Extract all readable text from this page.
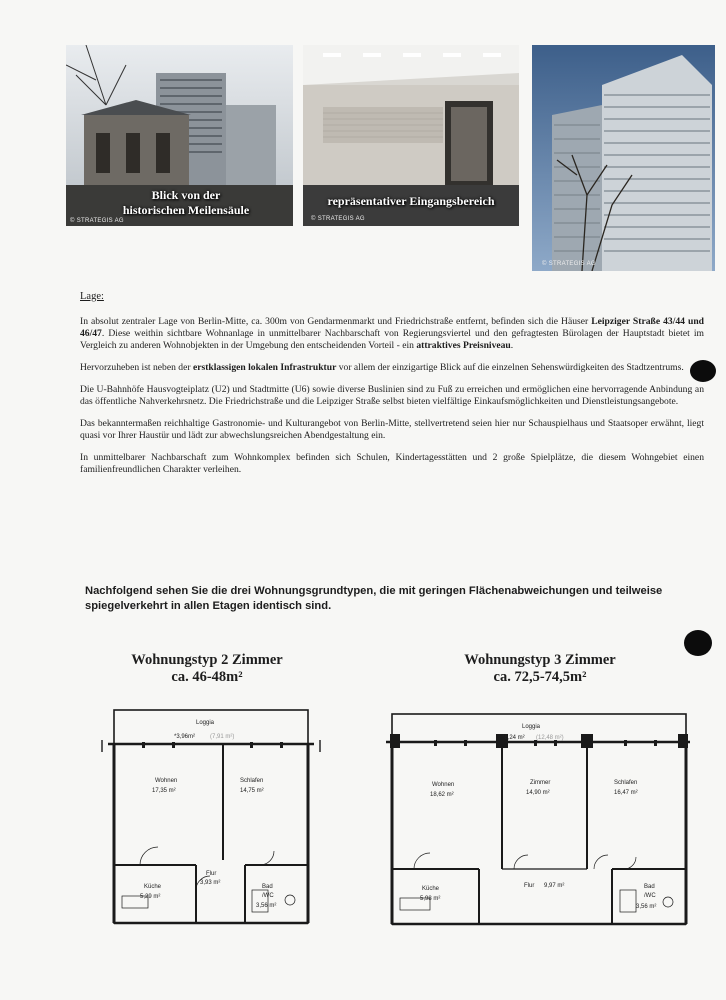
Blick von der
historischen Meilensäule
© STRATEGIS AG
repräsentativer Eingangsbereich
© STRATEGIS AG
© STRATEGIS AG
Lage:

In absolut zentraler Lage von Berlin-Mitte, ca. 300m von Gendarmenmarkt und Friedrichstraße entfernt, befinden sich die Häuser Leipziger Straße 43/44 und 46/47. Diese weithin sichtbare Wohnanlage in unmittelbarer Nachbarschaft von Regierungsviertel und den gefragtesten Bürolagen der Hauptstadt bietet im Vergleich zu anderen Wohnobjekten in der Umgebung den entscheidenden Vorteil - ein attraktives Preisniveau.

Hervorzuheben ist neben der erstklassigen lokalen Infrastruktur vor allem der einzigartige Blick auf die einzelnen Sehenswürdigkeiten des Stadtzentrums.

Die U-Bahnhöfe Hausvogteiplatz (U2) und Stadtmitte (U6) sowie diverse Buslinien sind zu Fuß zu erreichen und ermöglichen eine hervorragende Anbindung an das öffentliche Nahverkehrsnetz. Die Friedrichstraße und die Leipziger Straße selbst bieten vielfältige Einkaufsmöglichkeiten und Dienstleistungsangebote.

Das bekanntermaßen reichhaltige Gastronomie- und Kulturangebot von Berlin-Mitte, stellvertretend seien hier nur Schauspielhaus und Staatsoper erwähnt, liegt quasi vor Ihrer Haustür und lädt zur abwechslungsreichen Abendgestaltung ein.

In unmittelbarer Nachbarschaft zum Wohnkomplex befinden sich Schulen, Kindertagesstätten und 2 große Spielplätze, die diesem Wohngebiet einen familienfreundlichen Charakter verleihen.

Nachfolgend sehen Sie die drei Wohnungsgrundtypen, die mit geringen Flächenabweichungen und teilweise spiegelverkehrt in allen Etagen identisch sind.
Wohnungstyp 2 Zimmer
ca. 46-48m²
Wohnungstyp 3 Zimmer
ca. 72,5-74,5m²
Loggia
*3,96m² (7,91 m²)
Wohnen
17,35 m²
Schlafen
14,75 m²
Flur
3,93 m²
Küche
5,29 m²
Bad
/WC
3,56 m²
Loggia
*6,24 m² (12,48 m²)
Wohnen
18,62 m²
Zimmer
14,90 m²
Schlafen
16,47 m²
Flur 9,97 m²
Küche
5,98 m²
Bad
/WC
3,56 m²
